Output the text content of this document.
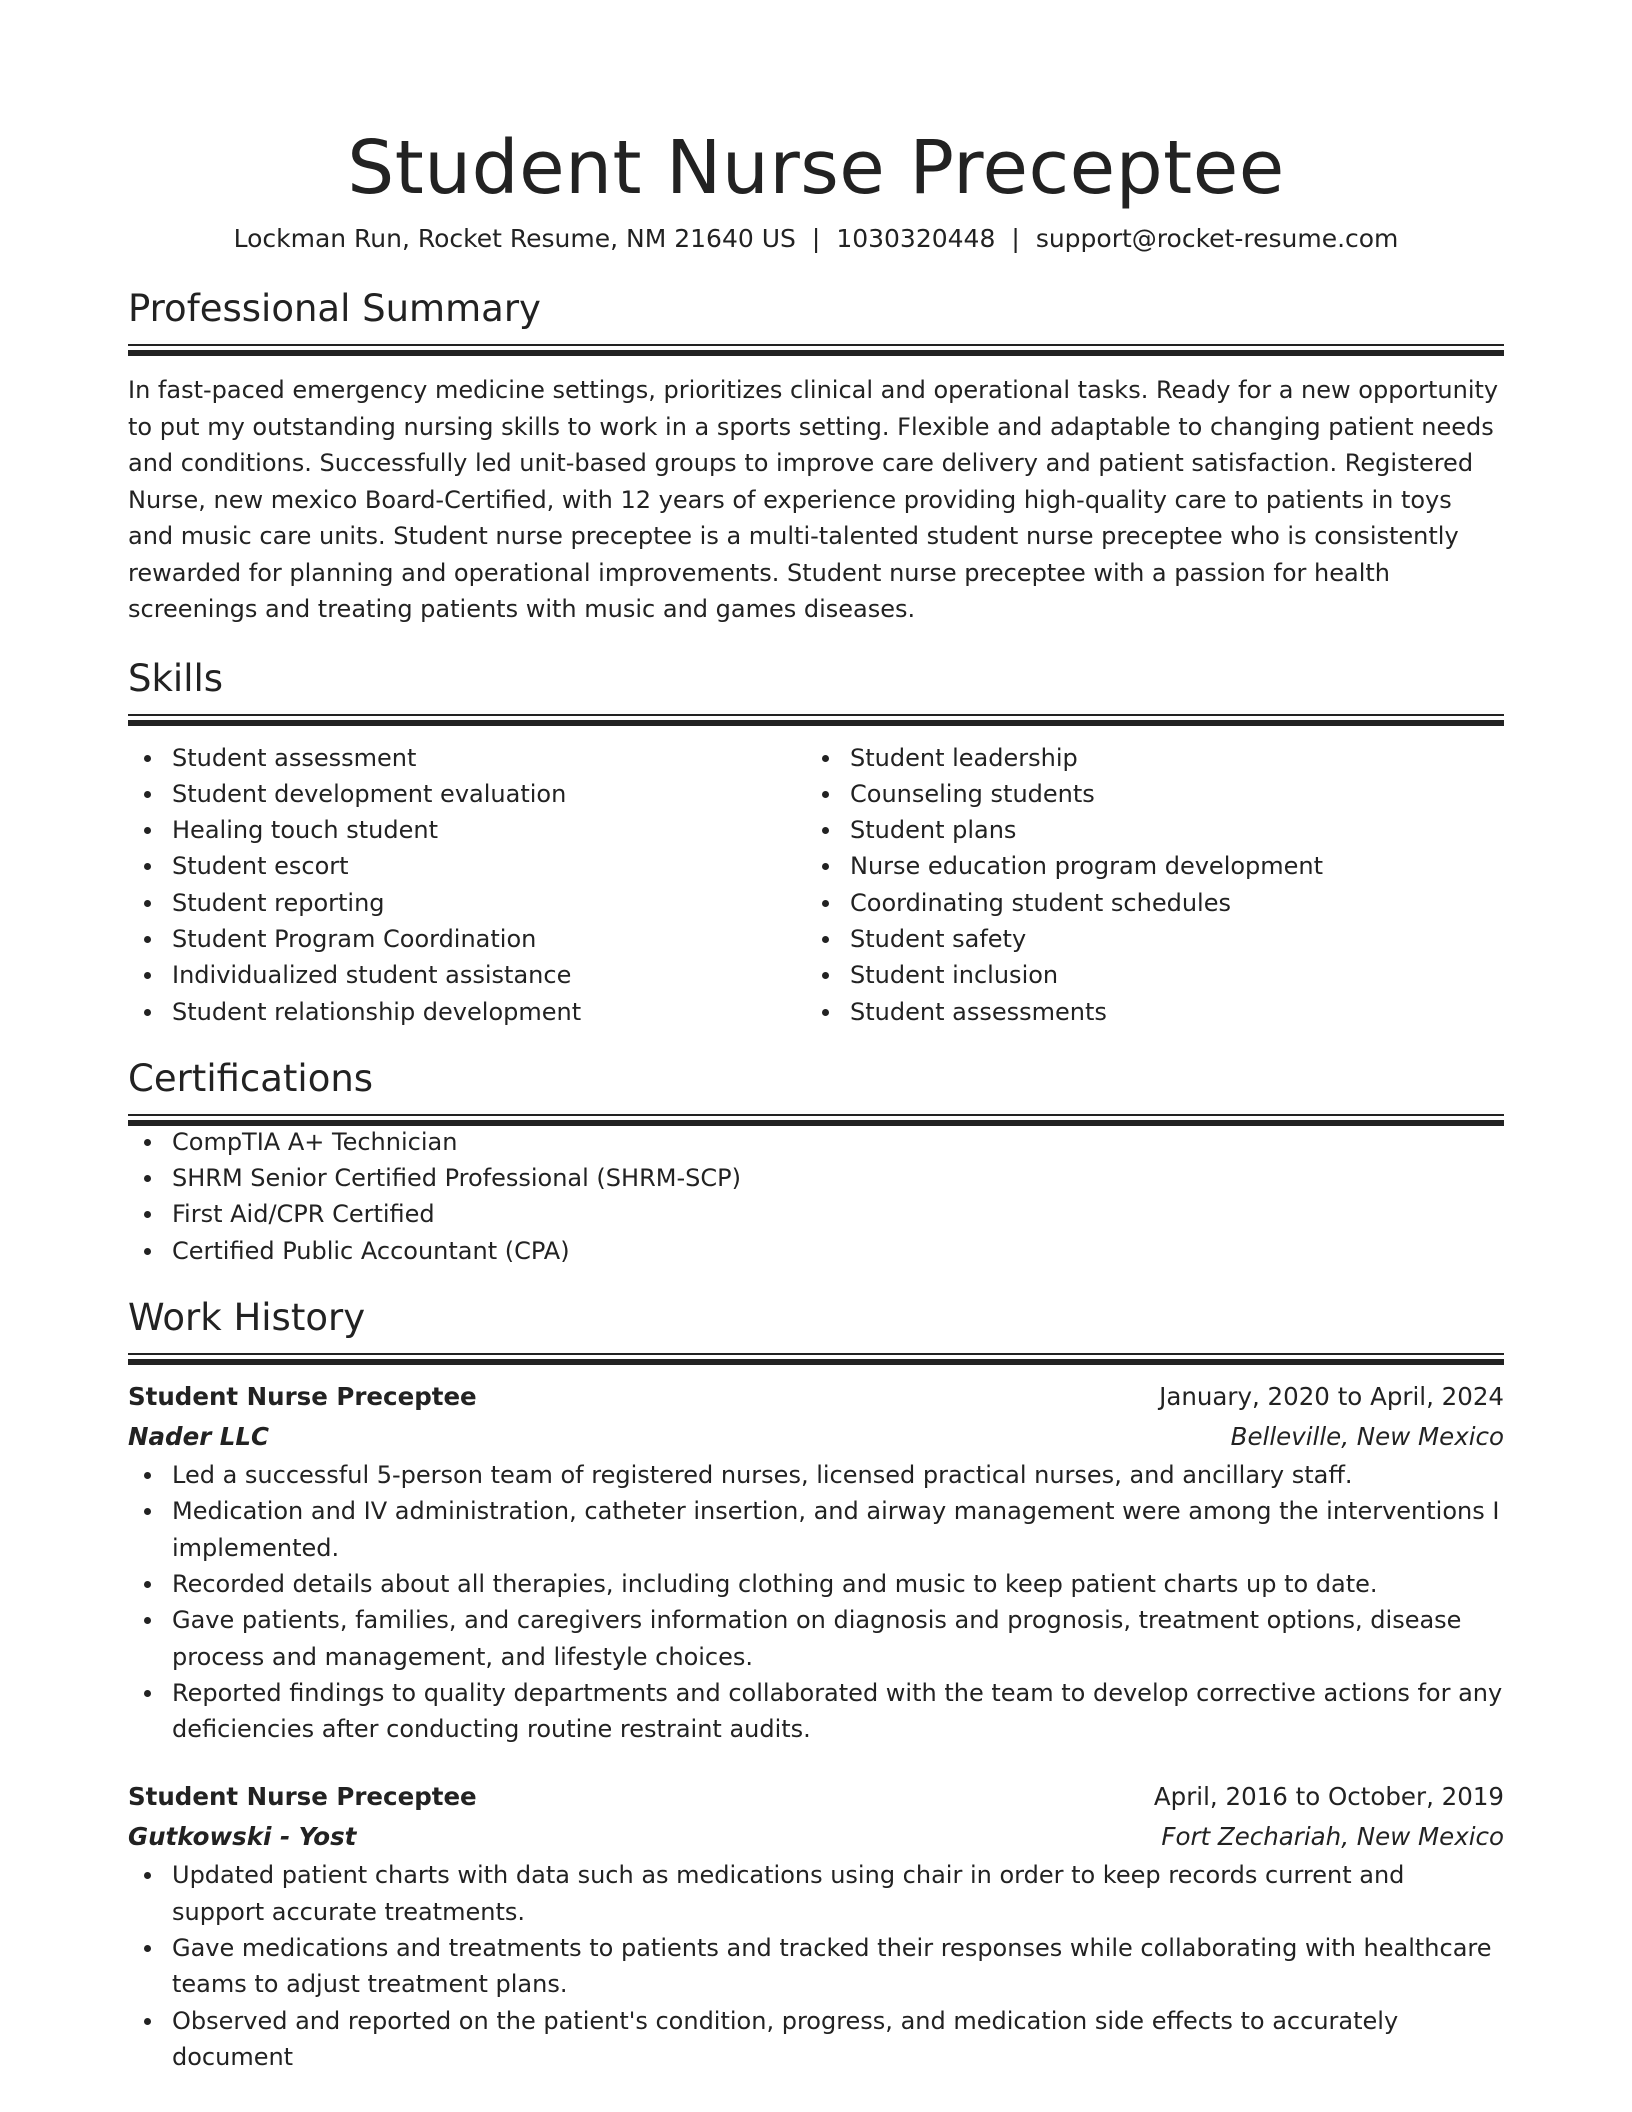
Student Nurse Preceptee
Lockman Run, Rocket Resume, NM 21640 US | 1030320448 | support@rocket-resume.com
Professional Summary

In fast-paced emergency medicine settings, prioritizes clinical and operational tasks. Ready for a new opportunity to put my outstanding nursing skills to work in a sports setting. Flexible and adaptable to changing patient needs and conditions. Successfully led unit-based groups to improve care delivery and patient satisfaction. Registered Nurse, new mexico Board-Certified, with 12 years of experience providing high-quality care to patients in toys and music care units. Student nurse preceptee is a multi-talented student nurse preceptee who is consistently rewarded for planning and operational improvements. Student nurse preceptee with a passion for health screenings and treating patients with music and games diseases.

Skills
Student assessment
Student development evaluation
Healing touch student
Student escort
Student reporting
Student Program Coordination
Individualized student assistance
Student relationship development
Student leadership
Counseling students
Student plans
Nurse education program development
Coordinating student schedules
Student safety
Student inclusion
Student assessments
Certifications
CompTIA A+ Technician
SHRM Senior Certified Professional (SHRM-SCP)
First Aid/CPR Certified
Certified Public Accountant (CPA)
Work History
Student Nurse Preceptee	January, 2020 to April, 2024
Nader LLC	Belleville, New Mexico
Led a successful 5-person team of registered nurses, licensed practical nurses, and ancillary staff.
Medication and IV administration, catheter insertion, and airway management were among the interventions I implemented.
Recorded details about all therapies, including clothing and music to keep patient charts up to date.
Gave patients, families, and caregivers information on diagnosis and prognosis, treatment options, disease process and management, and lifestyle choices.
Reported findings to quality departments and collaborated with the team to develop corrective actions for any deficiencies after conducting routine restraint audits.
Student Nurse Preceptee	April, 2016 to October, 2019
Gutkowski - Yost	Fort Zechariah, New Mexico
Updated patient charts with data such as medications using chair in order to keep records current and support accurate treatments.
Gave medications and treatments to patients and tracked their responses while collaborating with healthcare teams to adjust treatment plans.
Observed and reported on the patient's condition, progress, and medication side effects to accurately document
